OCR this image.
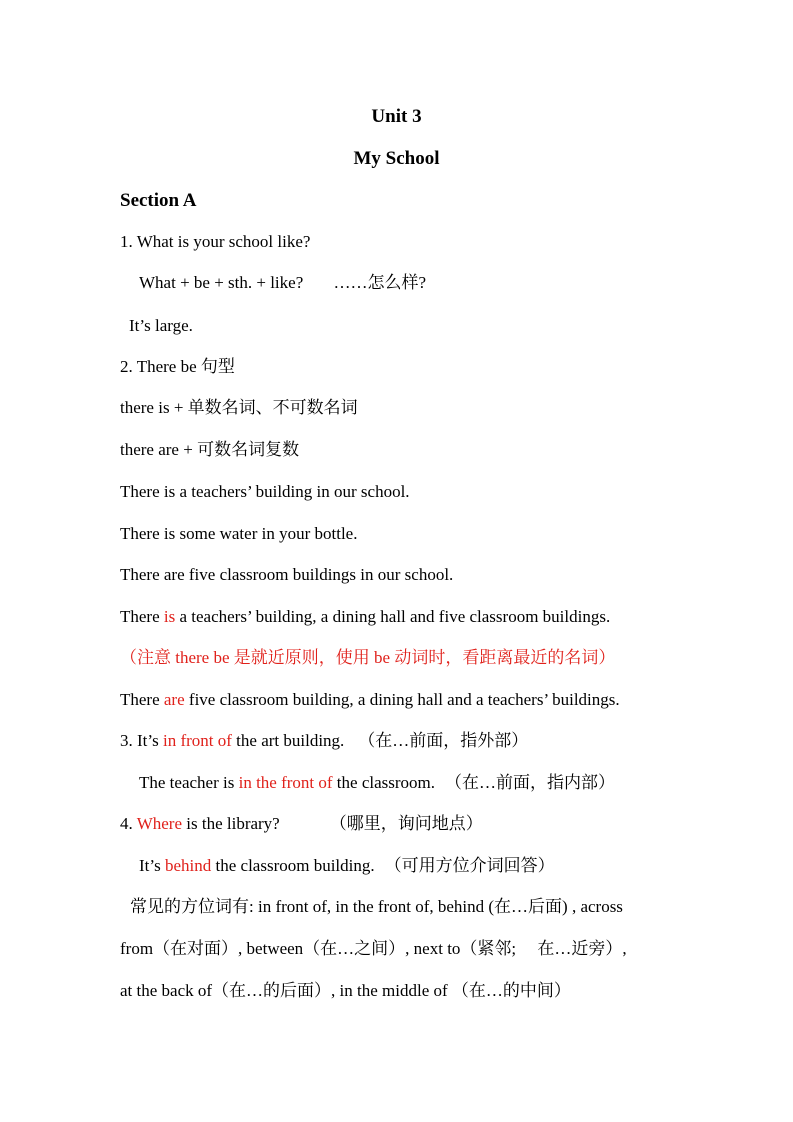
Unit 3
My School
Section A
1. What is your school like?
What + be + sth. + like? ……怎么样?
It’s large.
2. There be 句型
there is + 单数名词、不可数名词
there are + 可数名词复数
There is a teachers’ building in our school.
There is some water in your bottle.
There are five classroom buildings in our school.
There is a teachers’ building, a dining hall and five classroom buildings.
（注意 there be 是就近原则，使用 be 动词时，看距离最近的名词）
There are five classroom building, a dining hall and a teachers’ buildings.
3. It’s in front of the art building. （在…前面，指外部）
The teacher is in the front of the classroom. （在…前面，指内部）
4. Where is the library?	（哪里，询问地点）
It’s behind the classroom building. （可用方位介词回答）
常见的方位词有: in front of, in the front of, behind (在…后面) , across
from（在对面）, between（在…之间）, next to（紧邻;　 在…近旁）,
at the back of（在…的后面）, in the middle of （在…的中间）
